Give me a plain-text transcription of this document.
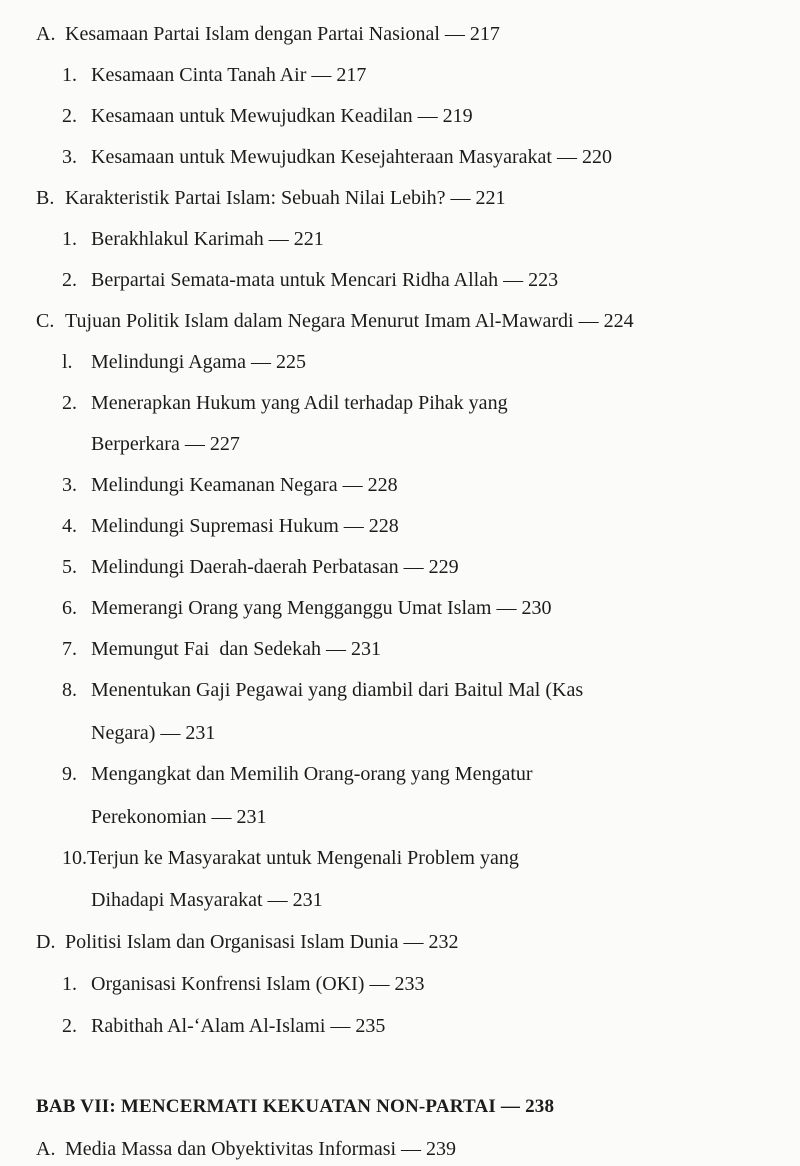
A. Kesamaan Partai Islam dengan Partai Nasional — 217
1. Kesamaan Cinta Tanah Air — 217
2. Kesamaan untuk Mewujudkan Keadilan — 219
3. Kesamaan untuk Mewujudkan Kesejahteraan Masyarakat — 220
B. Karakteristik Partai Islam: Sebuah Nilai Lebih? — 221
1. Berakhlakul Karimah — 221
2. Berpartai Semata-mata untuk Mencari Ridha Allah — 223
C. Tujuan Politik Islam dalam Negara Menurut Imam Al-Mawardi — 224
l. Melindungi Agama — 225
2. Menerapkan Hukum yang Adil terhadap Pihak yang
Berperkara — 227
3. Melindungi Keamanan Negara — 228
4. Melindungi Supremasi Hukum — 228
5. Melindungi Daerah-daerah Perbatasan — 229
6. Memerangi Orang yang Mengganggu Umat Islam — 230
7. Memungut Fai  dan Sedekah — 231
8. Menentukan Gaji Pegawai yang diambil dari Baitul Mal (Kas
Negara) — 231
9. Mengangkat dan Memilih Orang-orang yang Mengatur
Perekonomian — 231
10.Terjun ke Masyarakat untuk Mengenali Problem yang
Dihadapi Masyarakat — 231
D. Politisi Islam dan Organisasi Islam Dunia — 232
1. Organisasi Konfrensi Islam (OKI) — 233
2. Rabithah Al-‘Alam Al-Islami — 235
BAB VII: MENCERMATI KEKUATAN NON-PARTAI — 238
A. Media Massa dan Obyektivitas Informasi — 239
